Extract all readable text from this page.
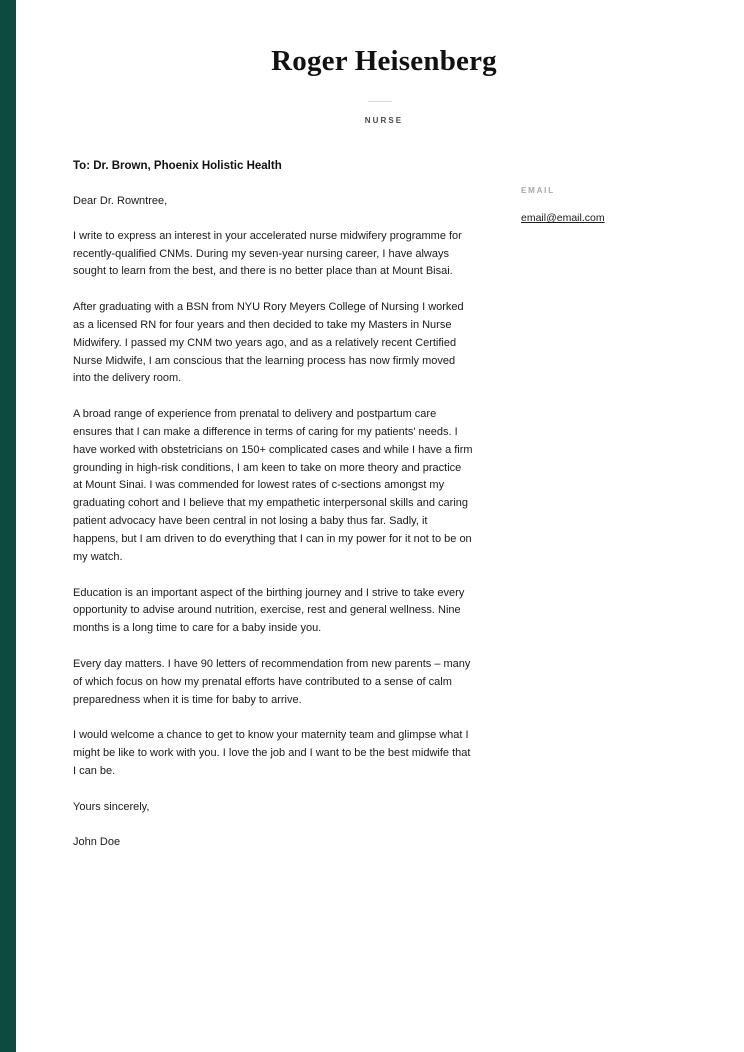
Roger Heisenberg
NURSE

To: Dr. Brown, Phoenix Holistic Health

Dear Dr. Rowntree,

I write to express an interest in your accelerated nurse midwifery programme for recently-qualified CNMs. During my seven-year nursing career, I have always sought to learn from the best, and there is no better place than at Mount Bisai.

After graduating with a BSN from NYU Rory Meyers College of Nursing I worked as a licensed RN for four years and then decided to take my Masters in Nurse Midwifery. I passed my CNM two years ago, and as a relatively recent Certified Nurse Midwife, I am conscious that the learning process has now firmly moved into the delivery room.

A broad range of experience from prenatal to delivery and postpartum care ensures that I can make a difference in terms of caring for my patients' needs. I have worked with obstetricians on 150+ complicated cases and while I have a firm grounding in high-risk conditions, I am keen to take on more theory and practice at Mount Sinai. I was commended for lowest rates of c-sections amongst my graduating cohort and I believe that my empathetic interpersonal skills and caring patient advocacy have been central in not losing a baby thus far. Sadly, it happens, but I am driven to do everything that I can in my power for it not to be on my watch.

Education is an important aspect of the birthing journey and I strive to take every opportunity to advise around nutrition, exercise, rest and general wellness. Nine months is a long time to care for a baby inside you.

Every day matters. I have 90 letters of recommendation from new parents – many of which focus on how my prenatal efforts have contributed to a sense of calm preparedness when it is time for baby to arrive.

I would welcome a chance to get to know your maternity team and glimpse what I might be like to work with you. I love the job and I want to be the best midwife that I can be.

Yours sincerely,

John Doe

EMAIL
email@email.com
